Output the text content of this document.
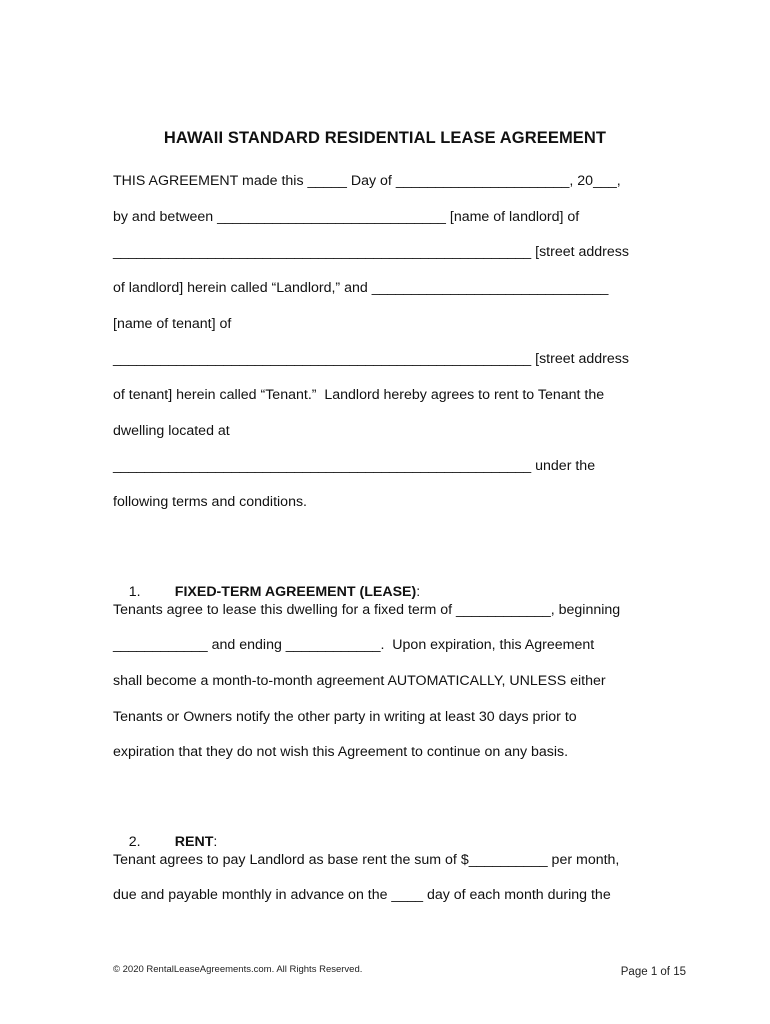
HAWAII STANDARD RESIDENTIAL LEASE AGREEMENT
THIS AGREEMENT made this _____ Day of ______________________, 20___,
by and between _____________________________ [name of landlord] of
_____________________________________________________ [street address
of landlord] herein called “Landlord,” and ______________________________
[name of tenant] of
_____________________________________________________ [street address
of tenant] herein called “Tenant.”  Landlord hereby agrees to rent to Tenant the
dwelling located at
_____________________________________________________ under the
following terms and conditions.

1. FIXED-TERM AGREEMENT (LEASE):

Tenants agree to lease this dwelling for a fixed term of ____________, beginning
____________ and ending ____________.  Upon expiration, this Agreement
shall become a month-to-month agreement AUTOMATICALLY, UNLESS either
Tenants or Owners notify the other party in writing at least 30 days prior to
expiration that they do not wish this Agreement to continue on any basis.

2. RENT:

Tenant agrees to pay Landlord as base rent the sum of $__________ per month,
due and payable monthly in advance on the ____ day of each month during the
© 2020 RentalLeaseAgreements.com. All Rights Reserved.	Page 1 of 15
